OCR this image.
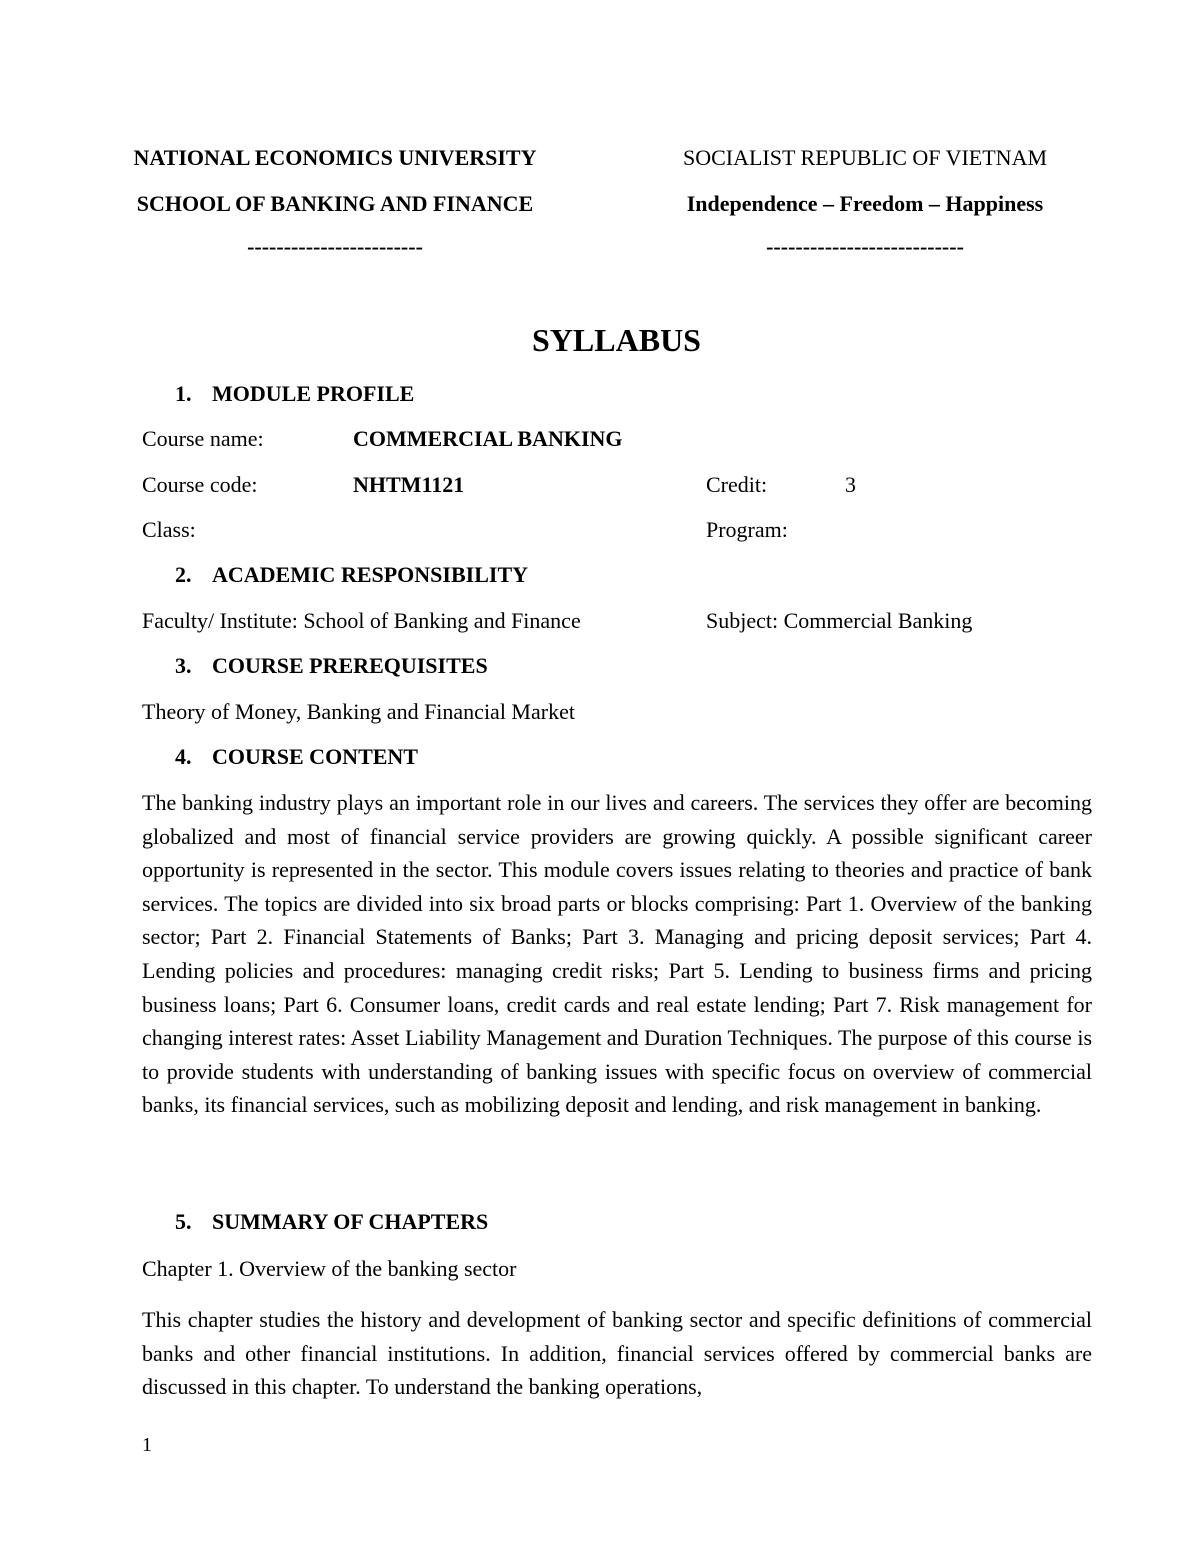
NATIONAL ECONOMICS UNIVERSITY
SCHOOL OF BANKING AND FINANCE
------------------------
SOCIALIST REPUBLIC OF VIETNAM
Independence – Freedom – Happiness
---------------------------
SYLLABUS
1. MODULE PROFILE
Course name:	COMMERCIAL BANKING
Course code:	NHTM1121	Credit:	3
Class:	Program:
2. ACADEMIC RESPONSIBILITY
Faculty/ Institute: School of Banking and Finance	Subject: Commercial Banking
3. COURSE PREREQUISITES
Theory of Money, Banking and Financial Market
4. COURSE CONTENT
The banking industry plays an important role in our lives and careers. The services they offer are becoming globalized and most of financial service providers are growing quickly. A possible significant career opportunity is represented in the sector. This module covers issues relating to theories and practice of bank services. The topics are divided into six broad parts or blocks comprising: Part 1. Overview of the banking sector; Part 2. Financial Statements of Banks; Part 3. Managing and pricing deposit services; Part 4. Lending policies and procedures: managing credit risks; Part 5. Lending to business firms and pricing business loans; Part 6. Consumer loans, credit cards and real estate lending; Part 7. Risk management for changing interest rates: Asset Liability Management and Duration Techniques. The purpose of this course is to provide students with understanding of banking issues with specific focus on overview of commercial banks, its financial services, such as mobilizing deposit and lending, and risk management in banking.
5. SUMMARY OF CHAPTERS
Chapter 1. Overview of the banking sector
This chapter studies the history and development of banking sector and specific definitions of commercial banks and other financial institutions. In addition, financial services offered by commercial banks are discussed in this chapter. To understand the banking operations,
1
